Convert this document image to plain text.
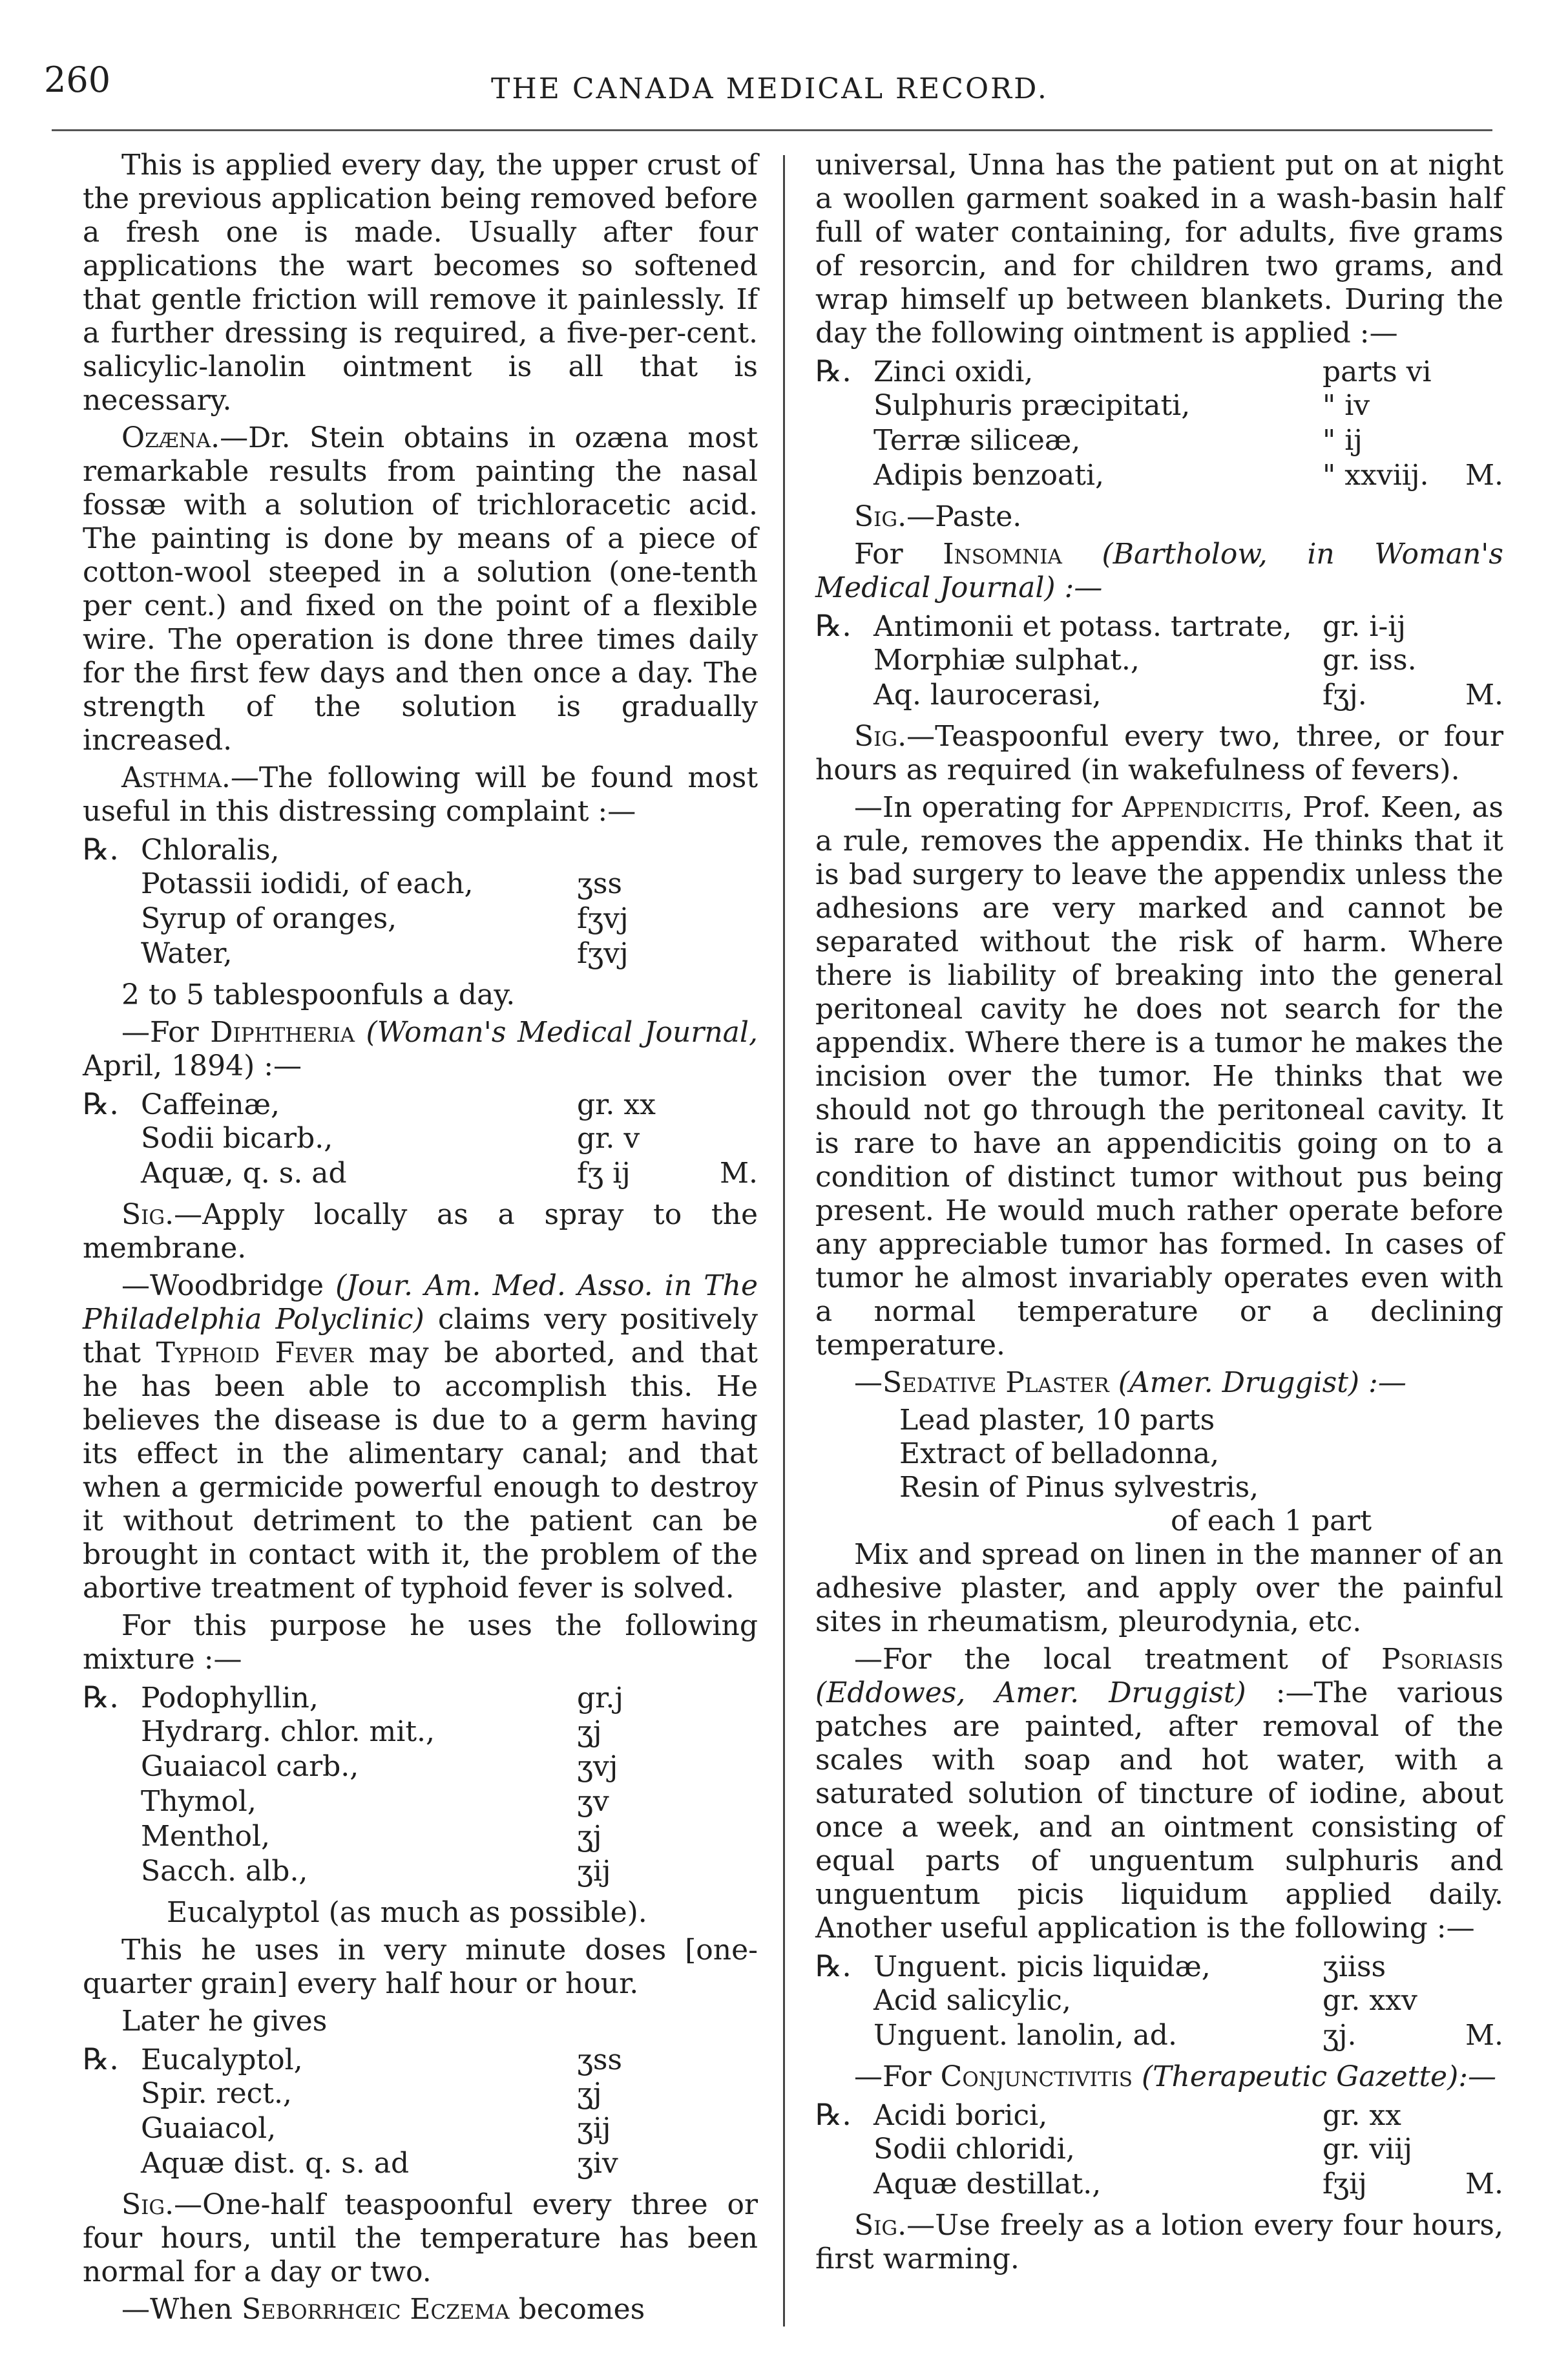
260	THE CANADA MEDICAL RECORD.

This is applied every day, the upper crust of the previous application being removed before a fresh one is made. Usually after four applications the wart becomes so softened that gentle friction will remove it painlessly. If a further dressing is required, a five-per-cent. salicylic-lanolin ointment is all that is necessary.

Ozæna.—Dr. Stein obtains in ozæna most remarkable results from painting the nasal fossæ with a solution of trichloracetic acid. The painting is done by means of a piece of cotton-wool steeped in a solution (one-tenth per cent.) and fixed on the point of a flexible wire. The operation is done three times daily for the first few days and then once a day. The strength of the solution is gradually increased.

Asthma.—The following will be found most useful in this distressing complaint :—

℞. Chloralis,
Potassii iodidi, of each,	ʒss
Syrup of oranges,	fʒvj
Water,	fʒvj

2 to 5 tablespoonfuls a day.

—For Diphtheria (Woman's Medical Journal, April, 1894) :—

℞. Caffeinæ,	gr. xx
Sodii bicarb.,	gr. v
Aquæ, q. s. ad	fʒ ij	M.

Sig.—Apply locally as a spray to the membrane.

—Woodbridge (Jour. Am. Med. Asso. in The Philadelphia Polyclinic) claims very positively that Typhoid Fever may be aborted, and that he has been able to accomplish this. He believes the disease is due to a germ having its effect in the alimentary canal; and that when a germicide powerful enough to destroy it without detriment to the patient can be brought in contact with it, the problem of the abortive treatment of typhoid fever is solved.

For this purpose he uses the following mixture :—

℞. Podophyllin,	gr.j
Hydrarg. chlor. mit.,	ʒj
Guaiacol carb.,	ʒvj
Thymol,	ʒv
Menthol,	ʒj
Sacch. alb.,	ʒij

Eucalyptol (as much as possible).

This he uses in very minute doses [one-quarter grain] every half hour or hour.

Later he gives

℞. Eucalyptol,	ʒss
Spir. rect.,	ʒj
Guaiacol,	ʒij
Aquæ dist. q. s. ad	ʒiv

Sig.—One-half teaspoonful every three or four hours, until the temperature has been normal for a day or two.

—When Seborrhœic Eczema becomes

universal, Unna has the patient put on at night a woollen garment soaked in a wash-basin half full of water containing, for adults, five grams of resorcin, and for children two grams, and wrap himself up between blankets. During the day the following ointment is applied :—

℞. Zinci oxidi,	parts vi
Sulphuris præcipitati,	" iv
Terræ siliceæ,	" ij
Adipis benzoati,	" xxviij.	M.

Sig.—Paste.

For Insomnia (Bartholow, in Woman's Medical Journal) :—

℞. Antimonii et potass. tartrate,	gr. i-ij
Morphiæ sulphat.,	gr. iss.
Aq. laurocerasi,	fʒj.	M.

Sig.—Teaspoonful every two, three, or four hours as required (in wakefulness of fevers).

—In operating for Appendicitis, Prof. Keen, as a rule, removes the appendix. He thinks that it is bad surgery to leave the appendix unless the adhesions are very marked and cannot be separated without the risk of harm. Where there is liability of breaking into the general peritoneal cavity he does not search for the appendix. Where there is a tumor he makes the incision over the tumor. He thinks that we should not go through the peritoneal cavity. It is rare to have an appendicitis going on to a condition of distinct tumor without pus being present. He would much rather operate before any appreciable tumor has formed. In cases of tumor he almost invariably operates even with a normal temperature or a declining temperature.

—Sedative Plaster (Amer. Druggist) :—

Lead plaster, 10 parts
Extract of belladonna,
Resin of Pinus sylvestris,
of each 1 part

Mix and spread on linen in the manner of an adhesive plaster, and apply over the painful sites in rheumatism, pleurodynia, etc.

—For the local treatment of Psoriasis (Eddowes, Amer. Druggist) :—The various patches are painted, after removal of the scales with soap and hot water, with a saturated solution of tincture of iodine, about once a week, and an ointment consisting of equal parts of unguentum sulphuris and unguentum picis liquidum applied daily. Another useful application is the following :—

℞. Unguent. picis liquidæ,	ʒiiss
Acid salicylic,	gr. xxv
Unguent. lanolin, ad.	ʒj.	M.

—For Conjunctivitis (Therapeutic Gazette):—

℞. Acidi borici,	gr. xx
Sodii chloridi,	gr. viij
Aquæ destillat.,	fʒij	M.

Sig.—Use freely as a lotion every four hours, first warming.
